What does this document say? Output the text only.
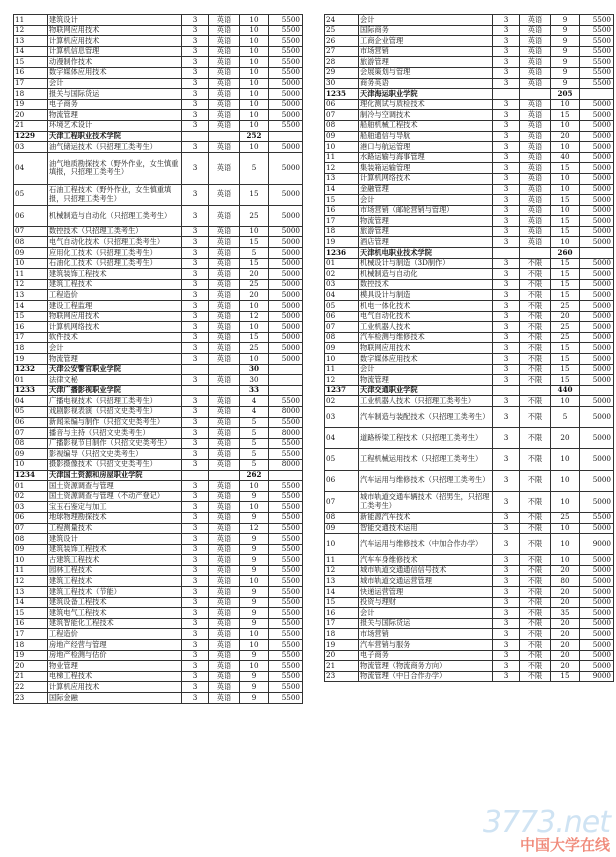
11	建筑设计	3	英语	10	5500
12	物联网应用技术	3	英语	10	5500
13	计算机应用技术	3	英语	10	5500
14	计算机信息管理	3	英语	10	5500
15	动漫制作技术	3	英语	10	5500
16	数字媒体应用技术	3	英语	10	5500
17	会计	3	英语	10	5000
18	报关与国际货运	3	英语	10	5000
19	电子商务	3	英语	10	5000
20	物流管理	3	英语	10	5000
21	环境艺术设计	3	英语	10	5500
1229	天津工程职业技术学院			252	
03	油气储运技术（只招理工类考生）	3	英语	10	5000
04	油气地质勘探技术（野外作业，女生慎重填报，只招理工类考生）	3	英语	5	5000
05	石油工程技术（野外作业，女生慎重填报，只招理工类考生）	3	英语	15	5000
06	机械制造与自动化（只招理工类考生）	3	英语	25	5000
07	数控技术（只招理工类考生）	3	英语	10	5000
08	电气自动化技术（只招理工类考生）	3	英语	15	5000
09	应用化工技术（只招理工类考生）	3	英语	5	5000
10	石油化工技术（只招理工类考生）	3	英语	15	5000
11	建筑装饰工程技术	3	英语	20	5000
12	建筑工程技术	3	英语	25	5000
13	工程造价	3	英语	20	5000
14	建设工程监理	3	英语	10	5000
15	物联网应用技术	3	英语	12	5000
16	计算机网络技术	3	英语	10	5000
17	软件技术	3	英语	15	5000
18	会计	3	英语	25	5000
19	物流管理	3	英语	10	5000
1232	天津公安警官职业学院			30	
01	法律文秘	3	英语	30	
1233	天津广播影视职业学院			33	
04	广播电视技术（只招理工类考生）	3	英语	4	5500
05	戏剧影视表演（只招文史类考生）	3	英语	4	8000
06	新闻采编与制作（只招文史类考生）	3	英语	5	5500
07	播音与主持（只招文史类考生）	3	英语	5	8000
08	广播影视节目制作（只招文史类考生）	3	英语	5	5500
09	影视编导（只招文史类考生）	3	英语	5	5500
10	摄影摄像技术（只招文史类考生）	3	英语	5	8000
1234	天津国土资源和房屋职业学院			262	
01	国土资源调查与管理	3	英语	10	5500
02	国土资源调查与管理（不动产登记）	3	英语	9	5500
03	宝玉石鉴定与加工	3	英语	10	5500
06	地球物理勘探技术	3	英语	9	5500
07	工程测量技术	3	英语	12	5500
08	建筑设计	3	英语	9	5500
09	建筑装饰工程技术	3	英语	9	5500
10	古建筑工程技术	3	英语	9	5500
11	园林工程技术	3	英语	9	5500
12	建筑工程技术	3	英语	10	5500
13	建筑工程技术（节能）	3	英语	9	5500
14	建筑设备工程技术	3	英语	9	5500
15	建筑电气工程技术	3	英语	9	5500
16	建筑智能化工程技术	3	英语	9	5500
17	工程造价	3	英语	10	5500
18	房地产经营与管理	3	英语	10	5500
19	房地产检测与估价	3	英语	9	5500
20	物业管理	3	英语	10	5500
21	电梯工程技术	3	英语	9	5500
22	计算机应用技术	3	英语	9	5500
23	国际金融	3	英语	9	5500
24	会计	3	英语	9	5500
25	国际商务	3	英语	9	5500
26	工商企业管理	3	英语	9	5500
27	市场营销	3	英语	9	5500
28	旅游管理	3	英语	9	5500
29	会展策划与管理	3	英语	9	5500
30	商务英语	3	英语	9	5500
1235	天津海运职业学院			205	
06	理化测试与质检技术	3	英语	10	5000
07	制冷与空调技术	3	英语	15	5000
08	船舶机械工程技术	3	英语	10	5000
09	船舶通信与导航	3	英语	20	5000
10	港口与航运管理	3	英语	10	5000
11	水路运输与海事管理	3	英语	40	5000
12	集装箱运输管理	3	英语	15	5000
13	计算机网络技术	3	英语	10	5000
14	金融管理	3	英语	10	5000
15	会计	3	英语	15	5000
16	市场营销（邮轮营销与管理）	3	英语	10	5000
17	物流管理	3	英语	15	5000
18	旅游管理	3	英语	15	5000
19	酒店管理	3	英语	10	5000
1236	天津机电职业技术学院			260	
01	机械设计与制造（3D制作）	3	不限	15	5000
02	机械制造与自动化	3	不限	15	5000
03	数控技术	3	不限	15	5000
04	模具设计与制造	3	不限	15	5000
05	机电一体化技术	3	不限	25	5000
06	电气自动化技术	3	不限	20	5000
07	工业机器人技术	3	不限	25	5000
08	汽车检测与维修技术	3	不限	25	5000
09	物联网应用技术	3	不限	15	5000
10	数字媒体应用技术	3	不限	15	5000
11	会计	3	不限	15	5000
12	物流管理	3	不限	15	5000
1237	天津交通职业学院			440	
02	工业机器人技术（只招理工类考生）	3	不限	10	5000
03	汽车制造与装配技术（只招理工类考生）	3	不限	5	5000
04	道路桥梁工程技术（只招理工类考生）	3	不限	20	5000
05	工程机械运用技术（只招理工类考生）	3	不限	10	5000
06	汽车运用与维修技术（只招理工类考生）	3	不限	10	5000
07	城市轨道交通车辆技术（招男生，只招理工类考生）	3	不限	10	5000
08	新能源汽车技术	3	不限	25	5500
09	智能交通技术运用	3	不限	10	5000
10	汽车运用与维修技术（中加合作办学）	3	不限	10	9000
11	汽车车身维修技术	3	不限	10	5000
12	城市轨道交通通信信号技术	3	不限	20	5000
13	城市轨道交通运营管理	3	不限	80	5000
14	快递运营管理	3	不限	20	5000
15	投资与理财	3	不限	20	5000
16	会计	3	不限	35	5000
17	报关与国际货运	3	不限	20	5000
18	市场营销	3	不限	20	5000
19	汽车营销与服务	3	不限	20	5000
20	电子商务	3	不限	20	5000
21	物流管理（物流商务方向）	3	不限	20	5000
23	物流管理（中日合作办学）	3	不限	15	9000
3773.net
中国大学在线
